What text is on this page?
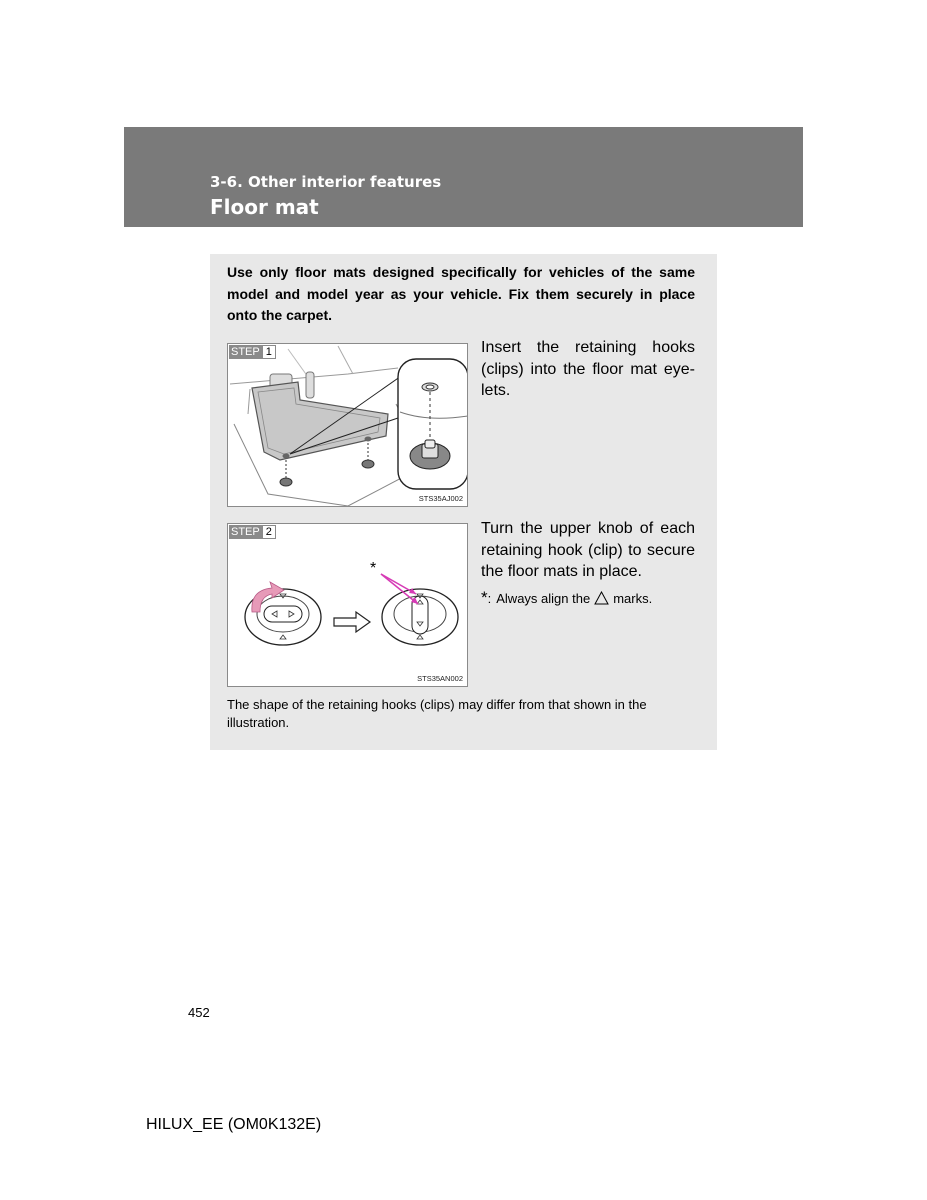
3-6. Other interior features
Floor mat
Use only floor mats designed specifically for vehicles of the same model and model year as your vehicle. Fix them securely in place onto the carpet.
STEP 1
STS35AJ002
Insert the retaining hooks (clips) into the floor mat eye-lets.
STEP 2
*
STS35AN002
Turn the upper knob of each retaining hook (clip) to secure the floor mats in place.
* : Always align the marks.
The shape of the retaining hooks (clips) may differ from that shown in the illustration.
452
HILUX_EE (OM0K132E)
